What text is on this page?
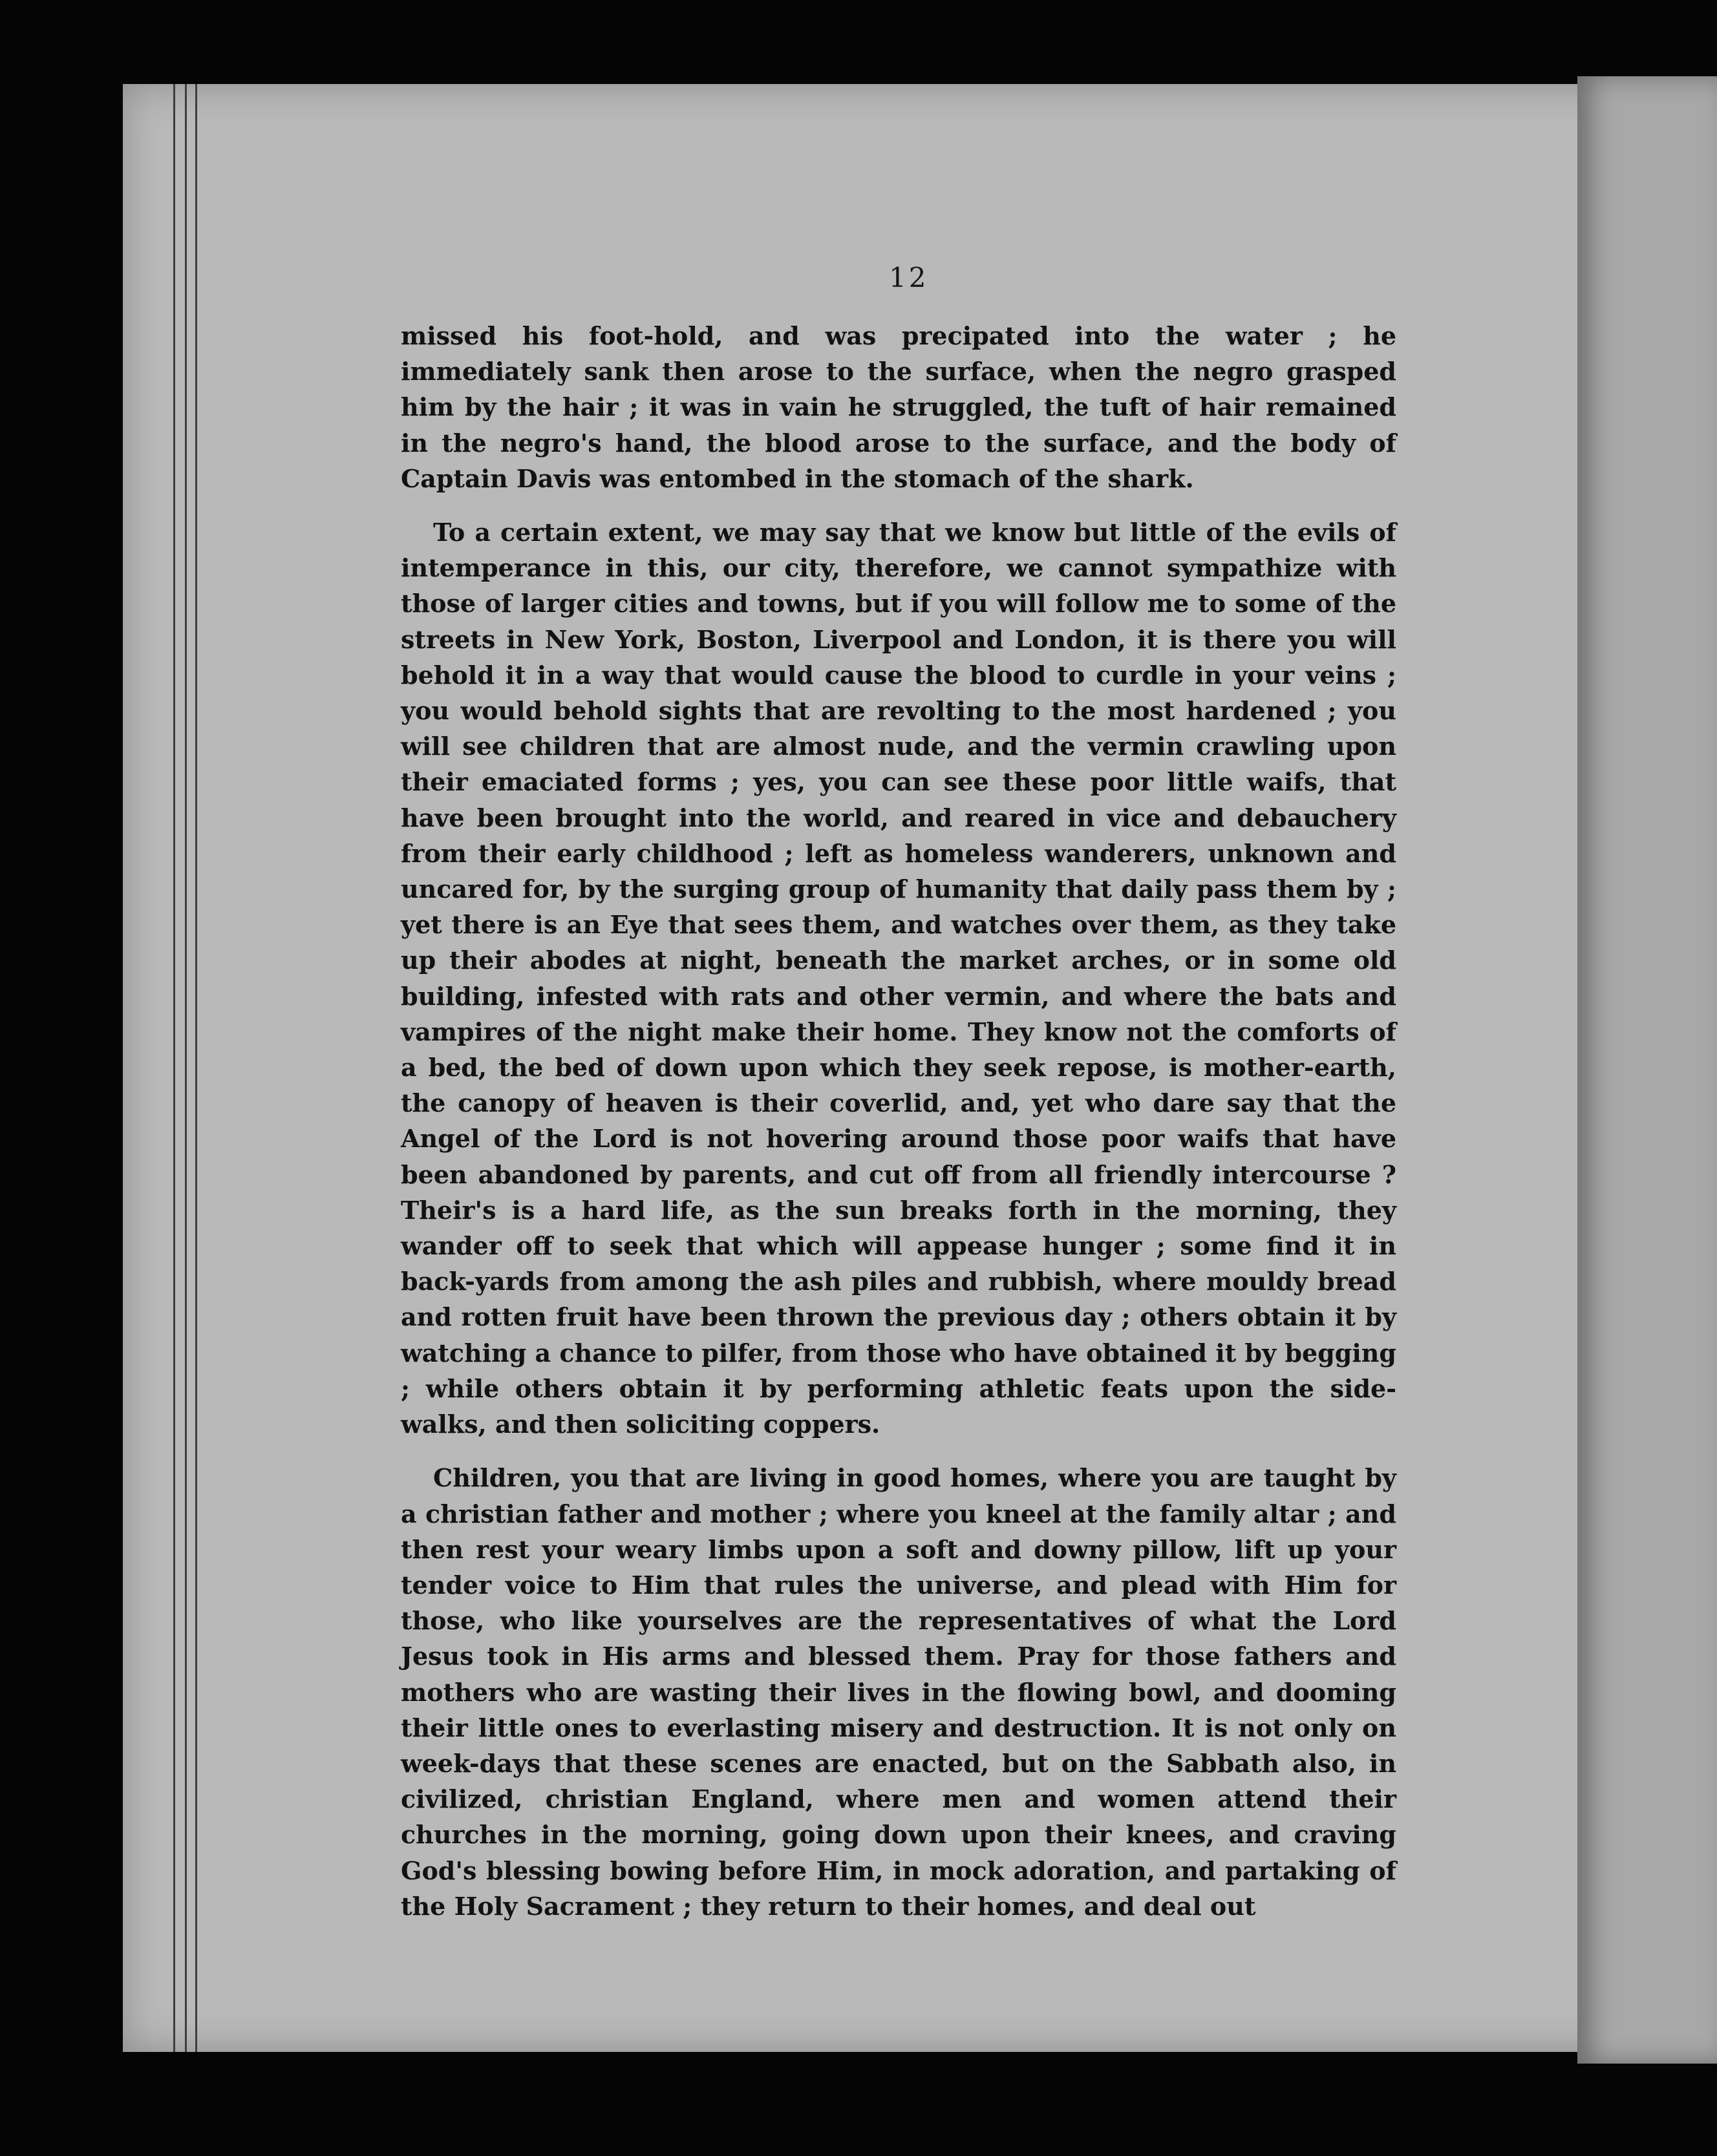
12

missed his foot-hold, and was precipated into the water ; he immediately sank then arose to the surface, when the negro grasped him by the hair ; it was in vain he struggled, the tuft of hair remained in the negro's hand, the blood arose to the surface, and the body of Captain Davis was entombed in the stomach of the shark.

To a certain extent, we may say that we know but little of the evils of intemperance in this, our city, therefore, we cannot sympathize with those of larger cities and towns, but if you will follow me to some of the streets in New York, Boston, Liverpool and London, it is there you will behold it in a way that would cause the blood to curdle in your veins ; you would behold sights that are revolting to the most hardened ; you will see children that are almost nude, and the vermin crawling upon their emaciated forms ; yes, you can see these poor little waifs, that have been brought into the world, and reared in vice and debauchery from their early childhood ; left as homeless wanderers, unknown and uncared for, by the surging group of humanity that daily pass them by ; yet there is an Eye that sees them, and watches over them, as they take up their abodes at night, beneath the market arches, or in some old building, infested with rats and other vermin, and where the bats and vampires of the night make their home. They know not the comforts of a bed, the bed of down upon which they seek repose, is mother-earth, the canopy of heaven is their coverlid, and, yet who dare say that the Angel of the Lord is not hovering around those poor waifs that have been abandoned by parents, and cut off from all friendly intercourse ? Their's is a hard life, as the sun breaks forth in the morning, they wander off to seek that which will appease hunger ; some find it in back-yards from among the ash piles and rubbish, where mouldy bread and rotten fruit have been thrown the previous day ; others obtain it by watching a chance to pilfer, from those who have obtained it by begging ; while others obtain it by performing athletic feats upon the side-walks, and then soliciting coppers.

Children, you that are living in good homes, where you are taught by a christian father and mother ; where you kneel at the family altar ; and then rest your weary limbs upon a soft and downy pillow, lift up your tender voice to Him that rules the universe, and plead with Him for those, who like yourselves are the representatives of what the Lord Jesus took in His arms and blessed them. Pray for those fathers and mothers who are wasting their lives in the flowing bowl, and dooming their little ones to everlasting misery and destruction. It is not only on week-days that these scenes are enacted, but on the Sabbath also, in civilized, christian England, where men and women attend their churches in the morning, going down upon their knees, and craving God's blessing bowing before Him, in mock adoration, and partaking of the Holy Sacrament ; they return to their homes, and deal out
